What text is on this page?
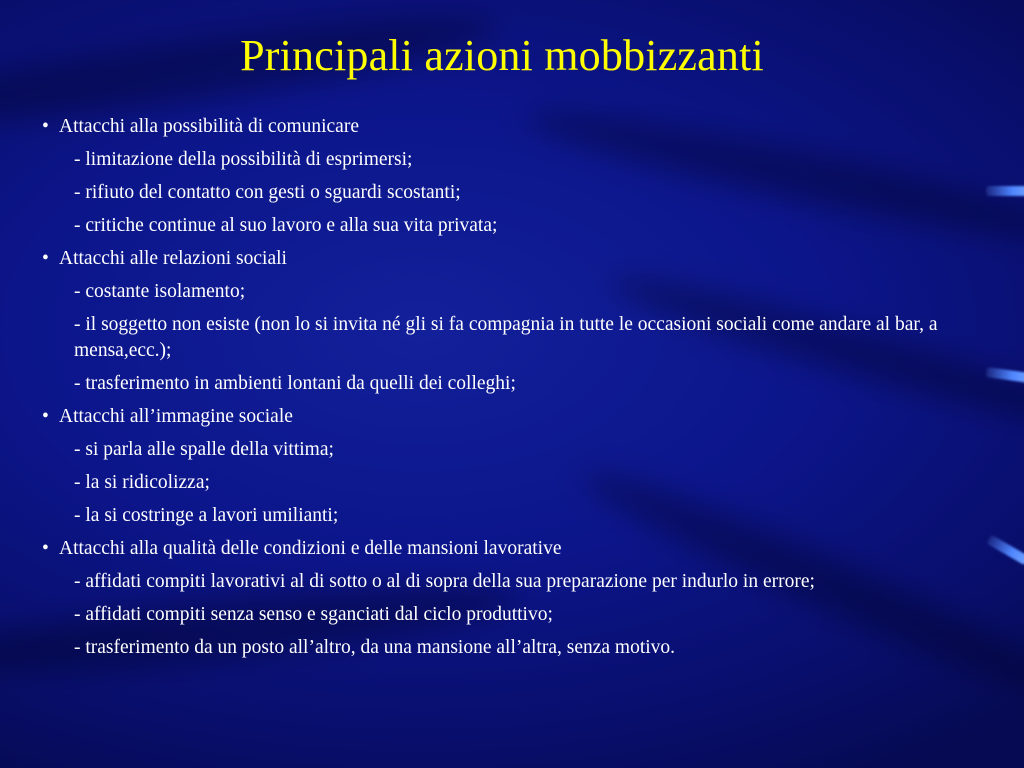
Principali azioni mobbizzanti
• Attacchi alla possibilità di comunicare
- limitazione della possibilità di esprimersi;
- rifiuto del contatto con gesti o sguardi scostanti;
- critiche continue al suo lavoro e alla sua vita privata;
• Attacchi alle relazioni sociali
- costante isolamento;
- il soggetto non esiste (non lo si invita né gli si fa compagnia in tutte le occasioni sociali come andare al bar, a mensa,ecc.);
- trasferimento in ambienti lontani da quelli dei colleghi;
• Attacchi all’immagine sociale
- si parla alle spalle della vittima;
- la si ridicolizza;
- la si costringe a lavori umilianti;
• Attacchi alla qualità delle condizioni e delle mansioni lavorative
- affidati compiti lavorativi al di sotto o al di sopra della sua preparazione per indurlo in errore;
- affidati compiti senza senso e sganciati dal ciclo produttivo;
- trasferimento da un posto all’altro, da una mansione all’altra, senza motivo.
